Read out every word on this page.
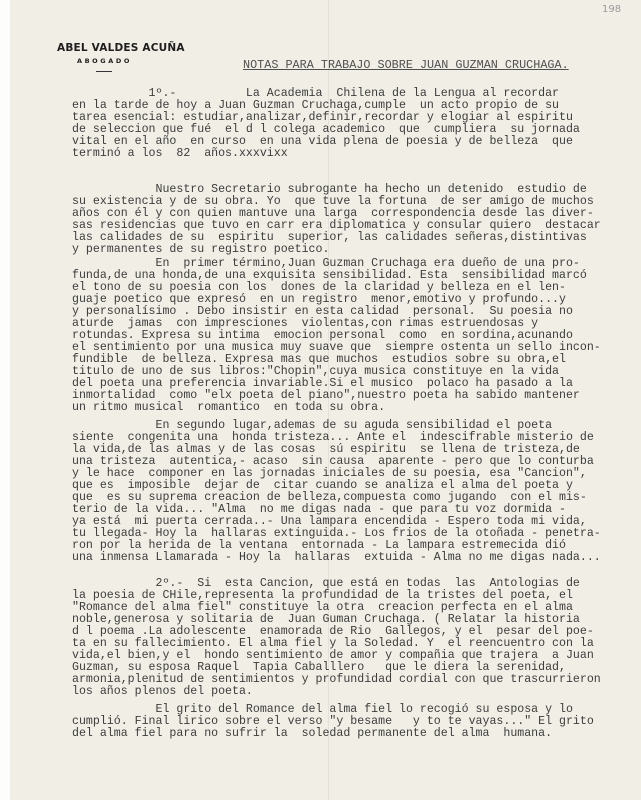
198
ABEL VALDES ACUÑA
ABOGADO	NOTAS PARA TRABAJO SOBRE JUAN GUZMAN CRUCHAGA.
1º.-          La Academia  Chilena de la Lengua al recordar
en la tarde de hoy a Juan Guzman Cruchaga,cumple  un acto propio de su
tarea esencial: estudiar,analizar,definir,recordar y elogiar al espiritu
de seleccion que fué  el d l colega academico  que  cumpliera  su jornada
vital en el año  en curso  en una vida plena de poesia y de belleza  que
terminó a los  82  años.xxxvixx
Nuestro Secretario subrogante ha hecho un detenido  estudio de
su existencia y de su obra. Yo  que tuve la fortuna  de ser amigo de muchos
años con él y con quien mantuve una larga  correspondencia desde las diver-
sas residencias que tuvo en carr era diplomatica y consular quiero  destacar
las calidades de su  espiritu  superior, las calidades señeras,distintivas
y permanentes de su registro poetico.
En  primer término,Juan Guzman Cruchaga era dueño de una pro-
funda,de una honda,de una exquisita sensibilidad. Esta  sensibilidad marcó
el tono de su poesia con los  dones de la claridad y belleza en el len-
guaje poetico que expresó  en un registro  menor,emotivo y profundo...y
y personalísimo . Debo insistir en esta calidad  personal.  Su poesia no
aturde  jamas  con impresciones  violentas,con rimas estruendosas y
rotundas. Expresa su intima  emocion personal  como  en sordina,acunando
el sentimiento por una musica muy suave que  siempre ostenta un sello incon-
fundible  de belleza. Expresa mas que muchos  estudios sobre su obra,el
titulo de uno de sus libros:"Chopin",cuya musica constituye en la vida
del poeta una preferencia invariable.Si el musico  polaco ha pasado a la
inmortalidad  como "elx poeta del piano",nuestro poeta ha sabido mantener
un ritmo musical  romantico  en toda su obra.
En segundo lugar,ademas de su aguda sensibilidad el poeta
siente  congenita una  honda tristeza... Ante el  indescifrable misterio de
la vida,de las almas y de las cosas  sú espiritu  se llena de tristeza,de
una tristeza  autentica,- acaso  sin causa  aparente - pero que lo conturba
y le hace  componer en las jornadas iniciales de su poesia, esa "Cancion",
que es  imposible  dejar de  citar cuando se analiza el alma del poeta y
que  es su suprema creacion de belleza,compuesta como jugando  con el mis-
terio de la vida... "Alma  no me digas nada - que para tu voz dormida -
ya está  mi puerta cerrada..- Una lampara encendida - Espero toda mi vida,
tu llegada- Hoy la  hallaras extinguida.- Los frios de la otoñada - penetra-
ron por la herida de la ventana  entornada - La lampara estremecida dió
una inmensa Llamarada - Hoy la  hallaras  extuida - Alma no me digas nada...
2º.-  Si  esta Cancion, que está en todas  las  Antologias de
la poesia de CHile,representa la profundidad de la tristes del poeta, el
"Romance del alma fiel" constituye la otra  creacion perfecta en el alma
noble,generosa y solitaria de  Juan Guman Cruchaga. ( Relatar la historia
d l poema .La adolescente  enamorada de Rio  Gallegos, y el  pesar del poe-
ta en su fallecimiento. El alma fiel y la Soledad. Y  el reencuentro con la
vida,el bien,y el  hondo sentimiento de amor y compañia que trajera  a Juan
Guzman, su esposa Raquel  Tapia Caballlero   que le diera la serenidad,
armonia,plenitud de sentimientos y profundidad cordial con que trascurrieron
los años plenos del poeta.
El grito del Romance del alma fiel lo recogió su esposa y lo
cumplió. Final lirico sobre el verso "y besame   y to te vayas..." El grito
del alma fiel para no sufrir la  soledad permanente del alma  humana.
